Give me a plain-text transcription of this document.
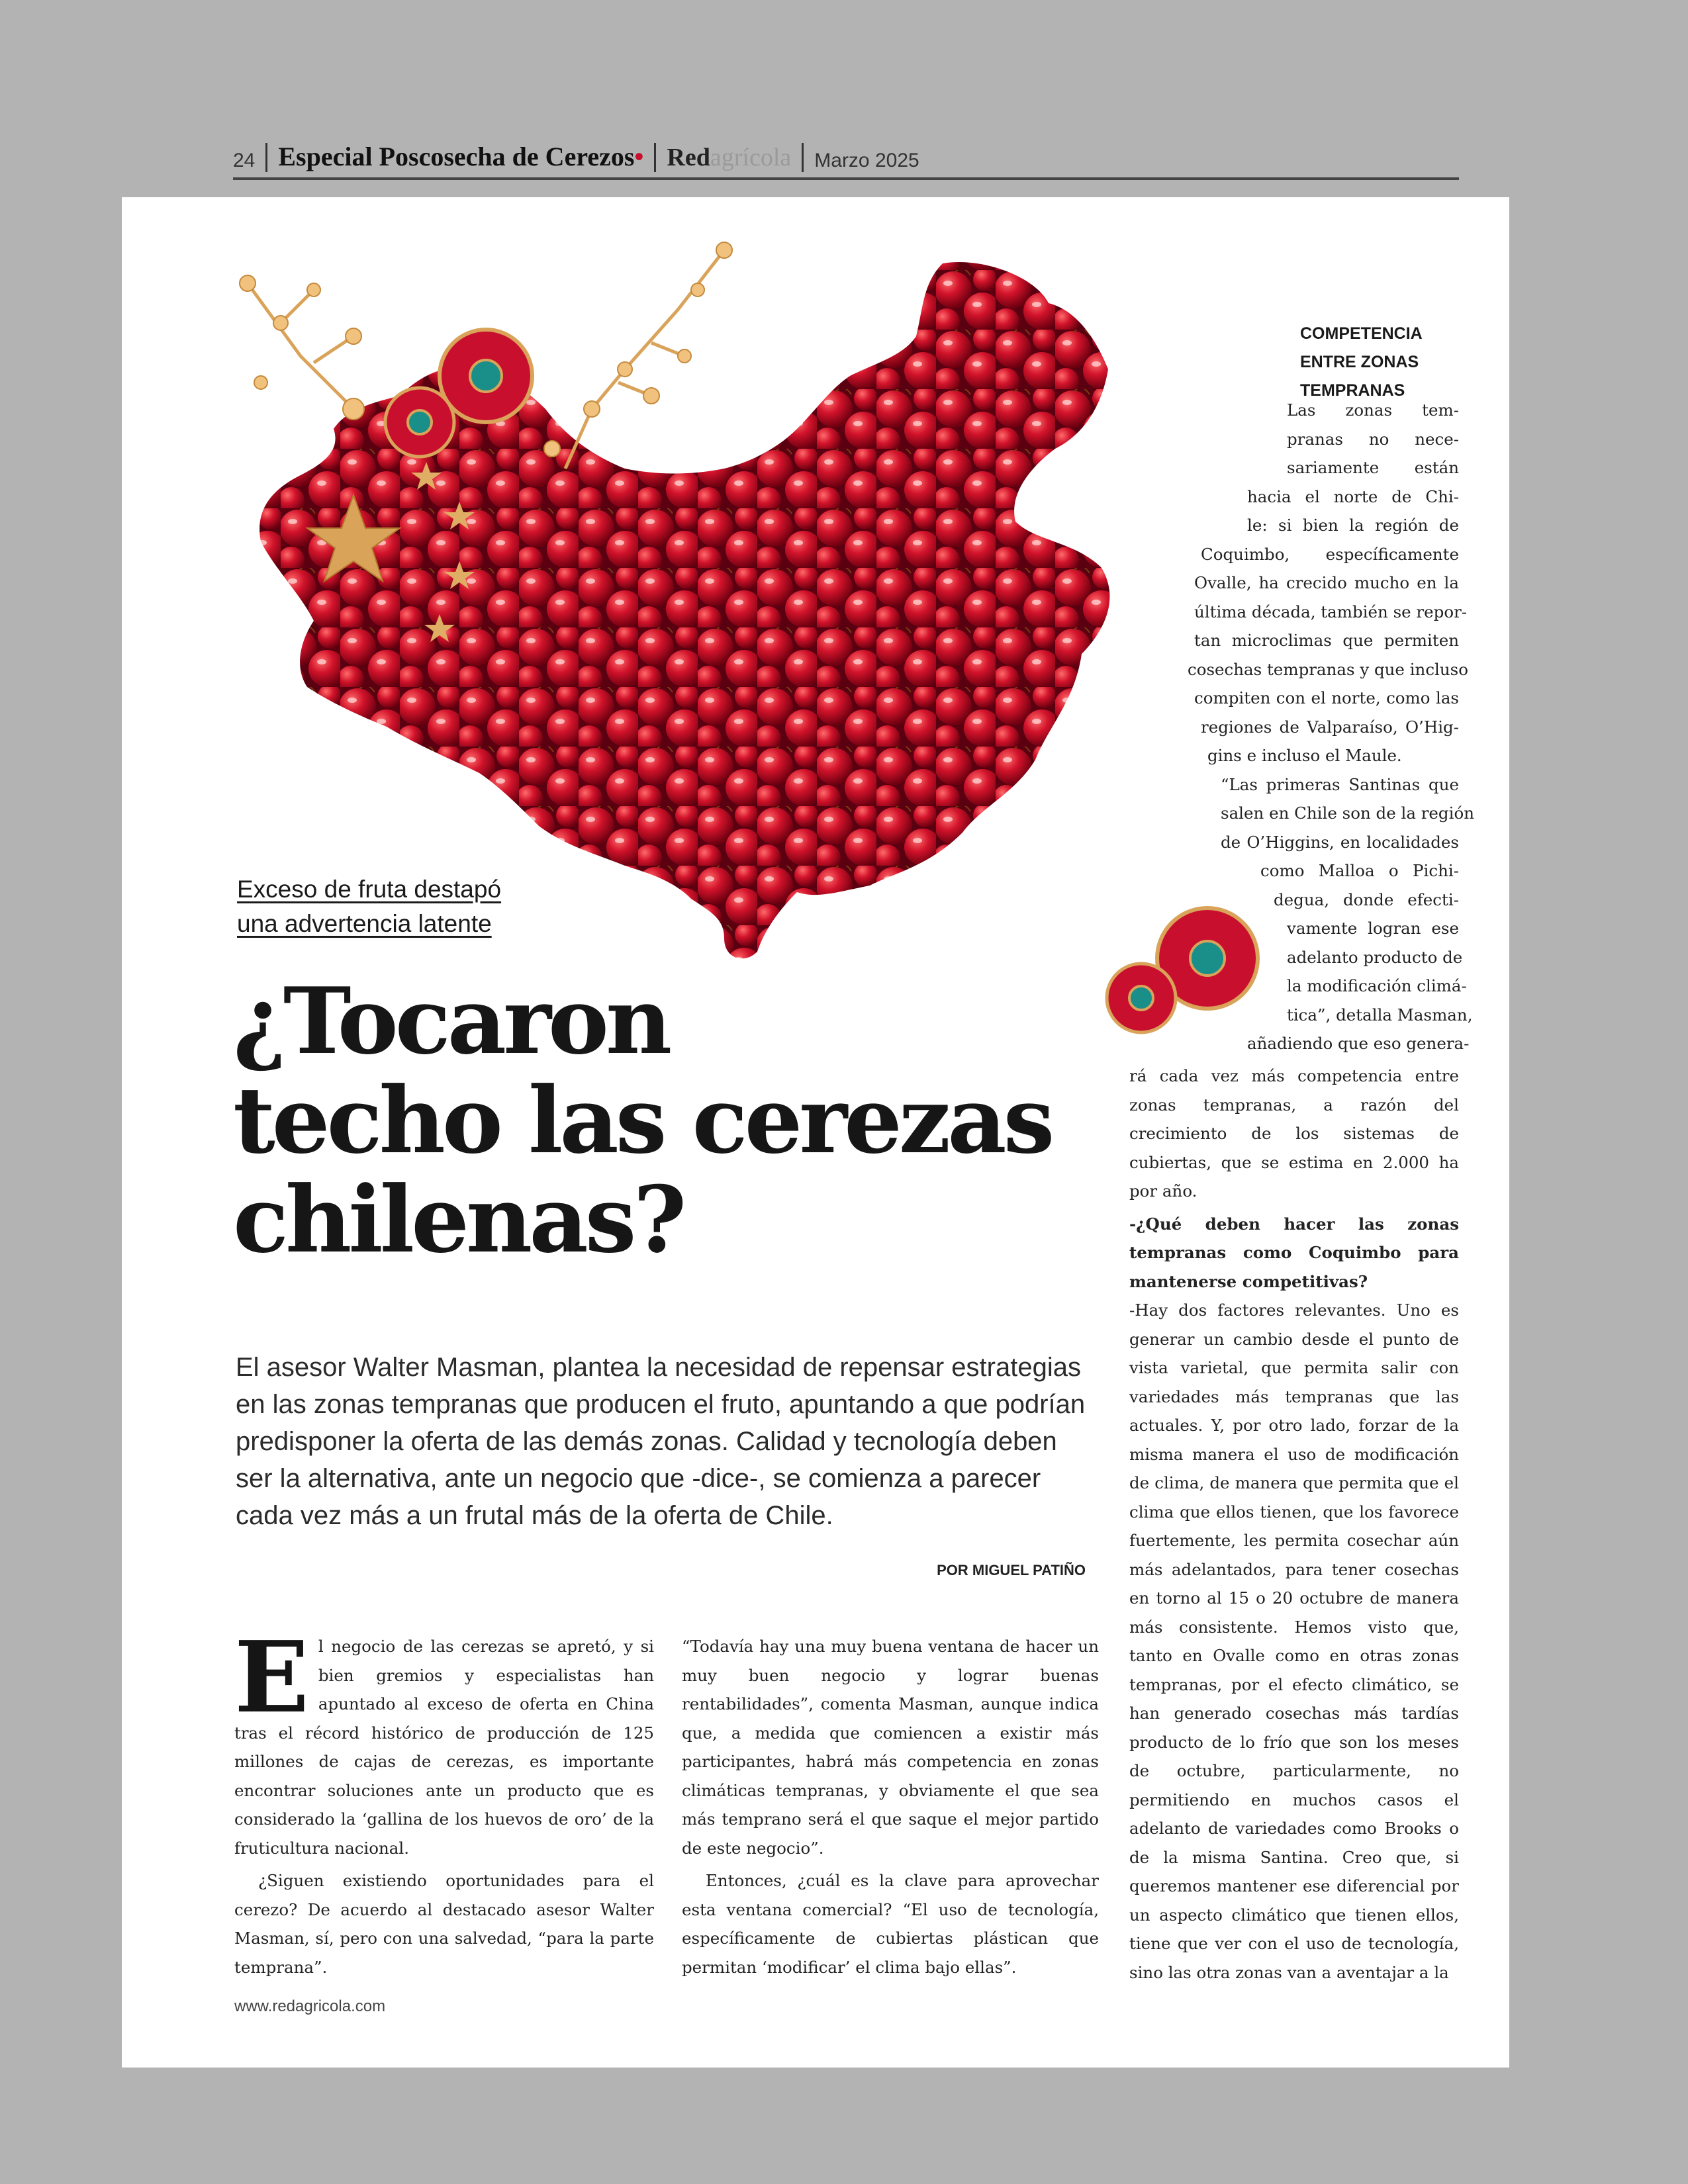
24 Especial Poscosecha de Cerezos • Red agrícola Marzo 2025
COMPETENCIA ENTRE ZONAS TEMPRANAS
Las zonas tem-
pranas no nece-
sariamente están
hacia el norte de Chi-
le: si bien la región de
Coquimbo, específicamente
Ovalle, ha crecido mucho en la
última década, también se repor-
tan microclimas que permiten
cosechas tempranas y que incluso
compiten con el norte, como las
regiones de Valparaíso, O’Hig-
gins e incluso el Maule.
“Las primeras Santinas que
salen en Chile son de la región
de O’Higgins, en localidades
como Malloa o Pichi-
degua, donde efecti-
vamente logran ese
adelanto producto de
la modificación climá-
tica”, detalla Masman,
añadiendo que eso genera-
Exceso de fruta destapó
una advertencia latente
¿Tocaron
techo las cerezas
chilenas?

El asesor Walter Masman, plantea la necesidad de repensar estrategias en las zonas tempranas que producen el fruto, apuntando a que podrían predisponer la oferta de las demás zonas. Calidad y tecnología deben ser la alternativa, ante un negocio que -dice-, se comienza a parecer cada vez más a un frutal más de la oferta de Chile.

POR MIGUEL PATIÑO

El negocio de las cerezas se apretó, y si bien gremios y especialistas han apuntado al exceso de oferta en China tras el récord histórico de producción de 125 millones de cajas de cerezas, es importante encontrar soluciones ante un producto que es considerado la ‘gallina de los huevos de oro’ de la fruticultura nacional.

¿Siguen existiendo oportunidades para el cerezo? De acuerdo al destacado asesor Walter Masman, sí, pero con una salvedad, “para la parte temprana”.

“Todavía hay una muy buena ventana de hacer un muy buen negocio y lograr buenas rentabilidades”, comenta Masman, aunque indica que, a medida que comiencen a existir más participantes, habrá más competencia en zonas climáticas tempranas, y obviamente el que sea más temprano será el que saque el mejor partido de este negocio”.

Entonces, ¿cuál es la clave para aprovechar esta ventana comercial? “El uso de tecnología, específicamente de cubiertas plástican que permitan ‘modificar’ el clima bajo ellas”.

rá cada vez más competencia entre zonas tempranas, a razón del crecimiento de los sistemas de cubiertas, que se estima en 2.000 ha por año.

-¿Qué deben hacer las zonas tempranas como Coquimbo para mantenerse competitivas?

-Hay dos factores relevantes. Uno es generar un cambio desde el punto de vista varietal, que permita salir con variedades más tempranas que las actuales. Y, por otro lado, forzar de la misma manera el uso de modificación de clima, de manera que permita que el clima que ellos tienen, que los favorece fuertemente, les permita cosechar aún más adelantados, para tener cosechas en torno al 15 o 20 octubre de manera más consistente. Hemos visto que, tanto en Ovalle como en otras zonas tempranas, por el efecto climático, se han generado cosechas más tardías producto de lo frío que son los meses de octubre, particularmente, no permitiendo en muchos casos el adelanto de variedades como Brooks o de la misma Santina. Creo que, si queremos mantener ese diferencial por un aspecto climático que tienen ellos, tiene que ver con el uso de tecnología, sino las otra zonas van a aventajar a la

www.redagricola.com
